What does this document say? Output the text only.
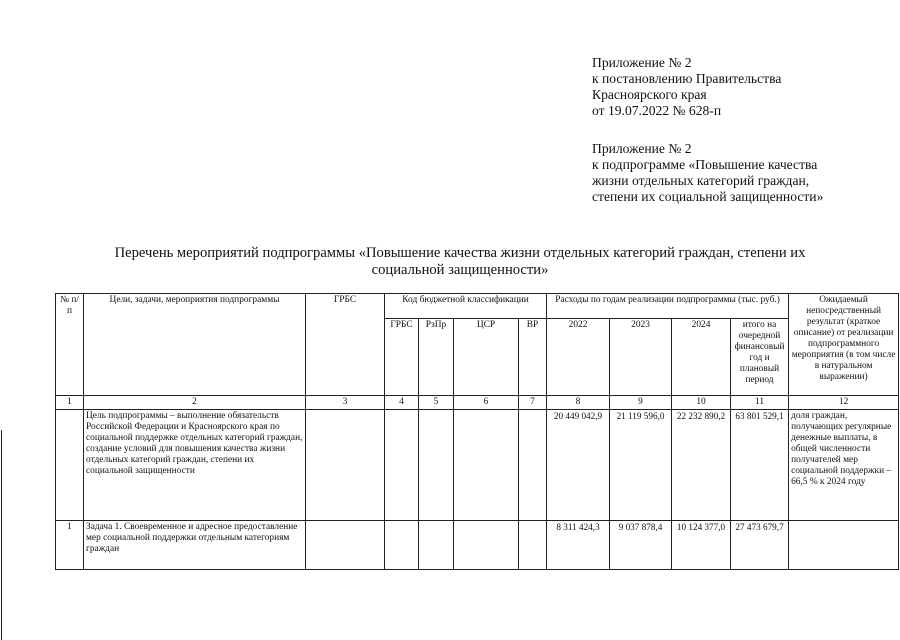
Приложение № 2
к постановлению Правительства
Красноярского края
от 19.07.2022 № 628-п
Приложение № 2
к подпрограмме «Повышение качества
жизни отдельных категорий граждан,
степени их социальной защищенности»
Перечень мероприятий подпрограммы «Повышение качества жизни отдельных категорий граждан, степени их
социальной защищенности»
№ п/п	Цели, задачи, мероприятия подпрограммы	ГРБС	Код бюджетной классификации				Расходы по годам реализации подпрограммы (тыс. руб.)				Ожидаемый непосредственный результат (краткое описание) от реализации подпрограммного мероприятия (в том числе в натуральном выражении)
			ГРБС	РзПр	ЦСР	ВР	2022	2023	2024	итого на очередной финансовый год и плановый период	
1	2	3	4	5	6	7	8	9	10	11	12
	Цель подпрограммы – выполнение обязательств Российской Федерации и Красноярского края по социальной поддержке отдельных категорий граждан, создание условий для повышения качества жизни отдельных категорий граждан, степени их социальной защищенности						20 449 042,9	21 119 596,0	22 232 890,2	63 801 529,1	доля граждан, получающих регулярные денежные выплаты, в общей численности получателей мер социальной поддержки – 66,5 % к 2024 году
1	Задача 1. Своевременное и адресное предоставление мер социальной поддержки отдельным категориям граждан						8 311 424,3	9 037 878,4	10 124 377,0	27 473 679,7	
